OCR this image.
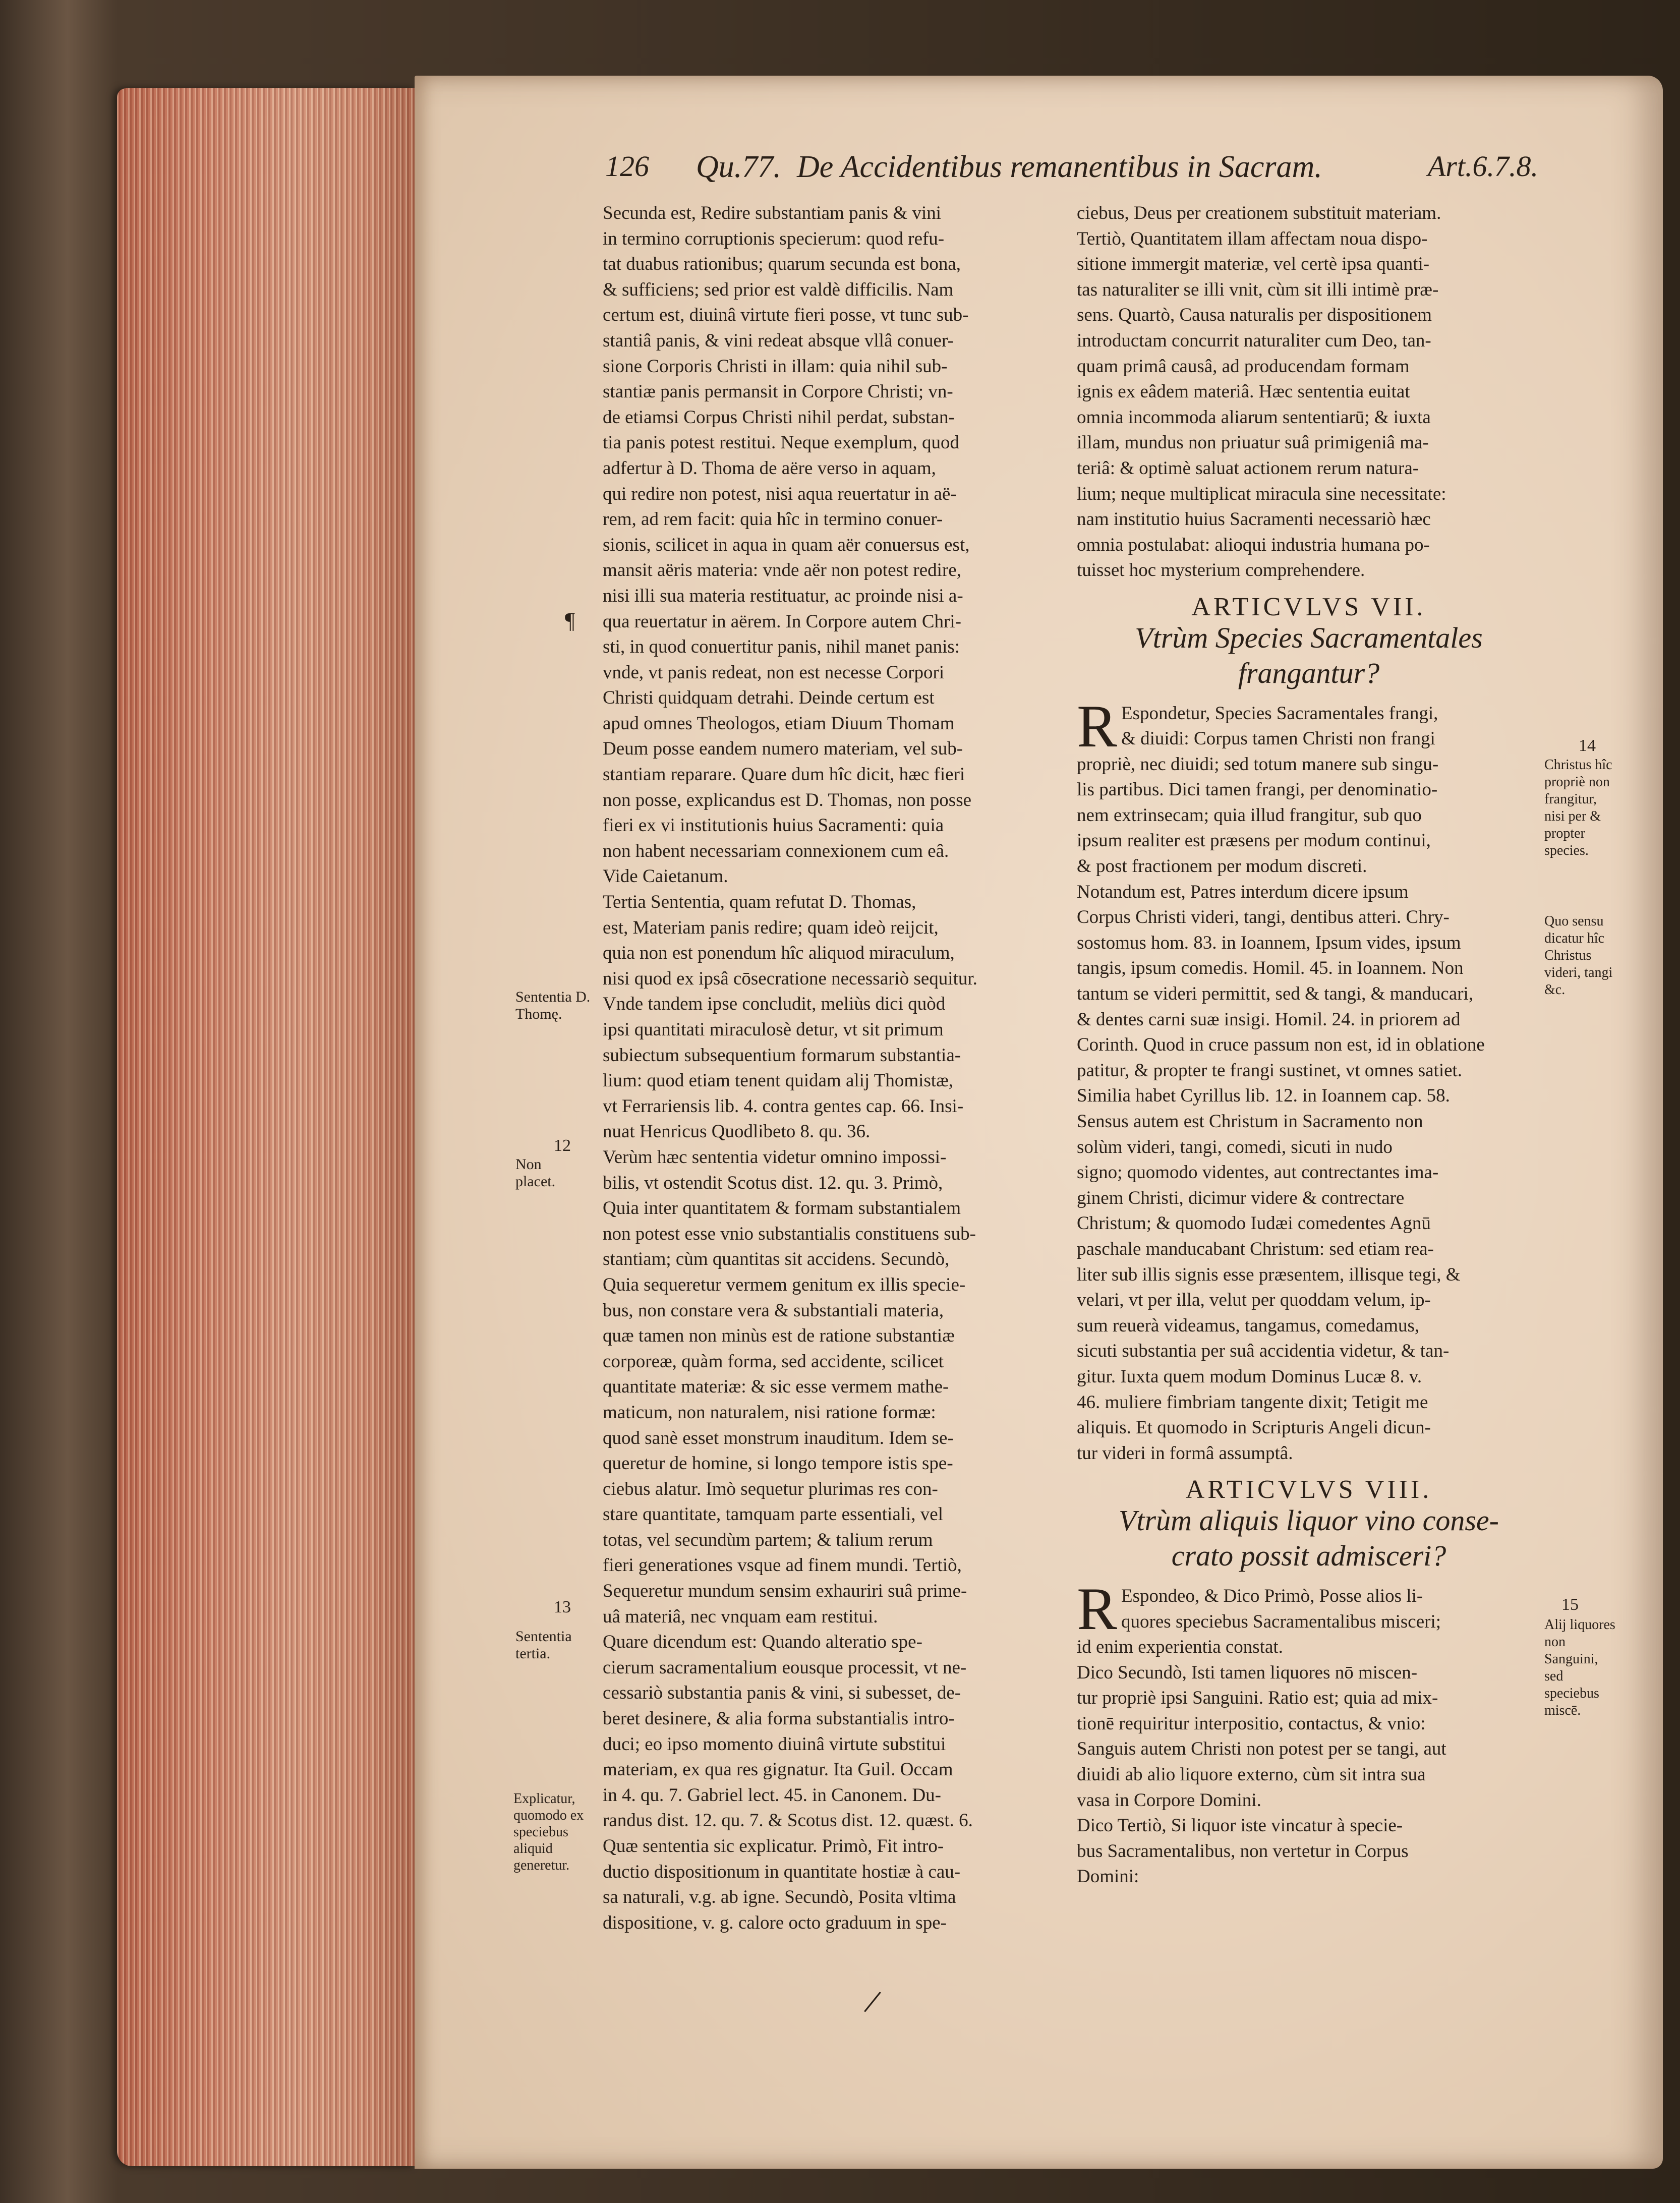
126 Qu.77. De Accidentibus remanentibus in Sacram.	Art.6.7.8.

Secunda est, Redire substantiam panis & vini

in termino corruptionis specierum: quod refu-

tat duabus rationibus; quarum secunda est bona,

& sufficiens; sed prior est valdè difficilis. Nam

certum est, diuinâ virtute fieri posse, vt tunc sub-

stantiâ panis, & vini redeat absque vllâ conuer-

sione Corporis Christi in illam: quia nihil sub-

stantiæ panis permansit in Corpore Christi; vn-

de etiamsi Corpus Christi nihil perdat, substan-

tia panis potest restitui. Neque exemplum, quod

adfertur à D. Thoma de aëre verso in aquam,

qui redire non potest, nisi aqua reuertatur in aë-

rem, ad rem facit: quia hîc in termino conuer-

sionis, scilicet in aqua in quam aër conuersus est,

mansit aëris materia: vnde aër non potest redire,

nisi illi sua materia restituatur, ac proinde nisi a-

qua reuertatur in aërem. In Corpore autem Chri-

sti, in quod conuertitur panis, nihil manet panis:

vnde, vt panis redeat, non est necesse Corpori

Christi quidquam detrahi. Deinde certum est

apud omnes Theologos, etiam Diuum Thomam

Deum posse eandem numero materiam, vel sub-

stantiam reparare. Quare dum hîc dicit, hæc fieri

non posse, explicandus est D. Thomas, non posse

fieri ex vi institutionis huius Sacramenti: quia

non habent necessariam connexionem cum eâ.

Vide Caietanum.

Tertia Sententia, quam refutat D. Thomas,

est, Materiam panis redire; quam ideò reijcit,

quia non est ponendum hîc aliquod miraculum,

nisi quod ex ipsâ cōsecratione necessariò sequitur.

Vnde tandem ipse concludit, meliùs dici quòd

ipsi quantitati miraculosè detur, vt sit primum

subiectum subsequentium formarum substantia-

lium: quod etiam tenent quidam alij Thomistæ,

vt Ferrariensis lib. 4. contra gentes cap. 66. Insi-

nuat Henricus Quodlibeto 8. qu. 36.

Verùm hæc sententia videtur omnino impossi-

bilis, vt ostendit Scotus dist. 12. qu. 3. Primò,

Quia inter quantitatem & formam substantialem

non potest esse vnio substantialis constituens sub-

stantiam; cùm quantitas sit accidens. Secundò,

Quia sequeretur vermem genitum ex illis specie-

bus, non constare vera & substantiali materia,

quæ tamen non minùs est de ratione substantiæ

corporeæ, quàm forma, sed accidente, scilicet

quantitate materiæ: & sic esse vermem mathe-

maticum, non naturalem, nisi ratione formæ:

quod sanè esset monstrum inauditum. Idem se-

queretur de homine, si longo tempore istis spe-

ciebus alatur. Imò sequetur plurimas res con-

stare quantitate, tamquam parte essentiali, vel

totas, vel secundùm partem; & talium rerum

fieri generationes vsque ad finem mundi. Tertiò,

Sequeretur mundum sensim exhauriri suâ prime-

uâ materiâ, nec vnquam eam restitui.

Quare dicendum est: Quando alteratio spe-

cierum sacramentalium eousque processit, vt ne-

cessariò substantia panis & vini, si subesset, de-

beret desinere, & alia forma substantialis intro-

duci; eo ipso momento diuinâ virtute substitui

materiam, ex qua res gignatur. Ita Guil. Occam

in 4. qu. 7. Gabriel lect. 45. in Canonem. Du-

randus dist. 12. qu. 7. & Scotus dist. 12. quæst. 6.

Quæ sententia sic explicatur. Primò, Fit intro-

ductio dispositionum in quantitate hostiæ à cau-

sa naturali, v.g. ab igne. Secundò, Posita vltima

dispositione, v. g. calore octo graduum in spe-

ciebus, Deus per creationem substituit materiam.

Tertiò, Quantitatem illam affectam noua dispo-

sitione immergit materiæ, vel certè ipsa quanti-

tas naturaliter se illi vnit, cùm sit illi intimè præ-

sens. Quartò, Causa naturalis per dispositionem

introductam concurrit naturaliter cum Deo, tan-

quam primâ causâ, ad producendam formam

ignis ex eâdem materiâ. Hæc sententia euitat

omnia incommoda aliarum sententiarū; & iuxta

illam, mundus non priuatur suâ primigeniâ ma-

teriâ: & optimè saluat actionem rerum natura-

lium; neque multiplicat miracula sine necessitate:

nam institutio huius Sacramenti necessariò hæc

omnia postulabat: alioqui industria humana po-

tuisset hoc mysterium comprehendere.

ARTICVLVS VII.
Vtrùm Species Sacramentales
frangantur?
R Espondetur, Species Sacramentales frangi,

& diuidi: Corpus tamen Christi non frangi

propriè, nec diuidi; sed totum manere sub singu-

lis partibus. Dici tamen frangi, per denominatio-

nem extrinsecam; quia illud frangitur, sub quo

ipsum realiter est præsens per modum continui,

& post fractionem per modum discreti.

Notandum est, Patres interdum dicere ipsum

Corpus Christi videri, tangi, dentibus atteri. Chry-

sostomus hom. 83. in Ioannem, Ipsum vides, ipsum

tangis, ipsum comedis. Homil. 45. in Ioannem. Non

tantum se videri permittit, sed & tangi, & manducari,

& dentes carni suæ insigi. Homil. 24. in priorem ad

Corinth. Quod in cruce passum non est, id in oblatione

patitur, & propter te frangi sustinet, vt omnes satiet.

Similia habet Cyrillus lib. 12. in Ioannem cap. 58.

Sensus autem est Christum in Sacramento non

solùm videri, tangi, comedi, sicuti in nudo

signo; quomodo videntes, aut contrectantes ima-

ginem Christi, dicimur videre & contrectare

Christum; & quomodo Iudæi comedentes Agnū

paschale manducabant Christum: sed etiam rea-

liter sub illis signis esse præsentem, illisque tegi, &

velari, vt per illa, velut per quoddam velum, ip-

sum reuerà videamus, tangamus, comedamus,

sicuti substantia per suâ accidentia videtur, & tan-

gitur. Iuxta quem modum Dominus Lucæ 8. v.

46. muliere fimbriam tangente dixit; Tetigit me

aliquis. Et quomodo in Scripturis Angeli dicun-

tur videri in formâ assumptâ.

ARTICVLVS VIII.
Vtrùm aliquis liquor vino conse-
crato possit admisceri?
R Espondeo, & Dico Primò, Posse alios li-

quores speciebus Sacramentalibus misceri;

id enim experientia constat.

Dico Secundò, Isti tamen liquores nō miscen-

tur propriè ipsi Sanguini. Ratio est; quia ad mix-

tionē requiritur interpositio, contactus, & vnio:

Sanguis autem Christi non potest per se tangi, aut

diuidi ab alio liquore externo, cùm sit intra sua

vasa in Corpore Domini.

Dico Tertiò, Si liquor iste vincatur à specie-

bus Sacramentalibus, non vertetur in Corpus

Domini:

Sententia D. Thomę.
12
Non placet.
13
Sententia tertia.
Explicatur, quomodo ex speciebus aliquid generetur.
14
Christus hîc propriè non frangitur, nisi per & propter species.
Quo sensu dicatur hîc Christus videri, tangi &c.
15
Alij liquores non Sanguini, sed speciebus miscē.
¶
/
